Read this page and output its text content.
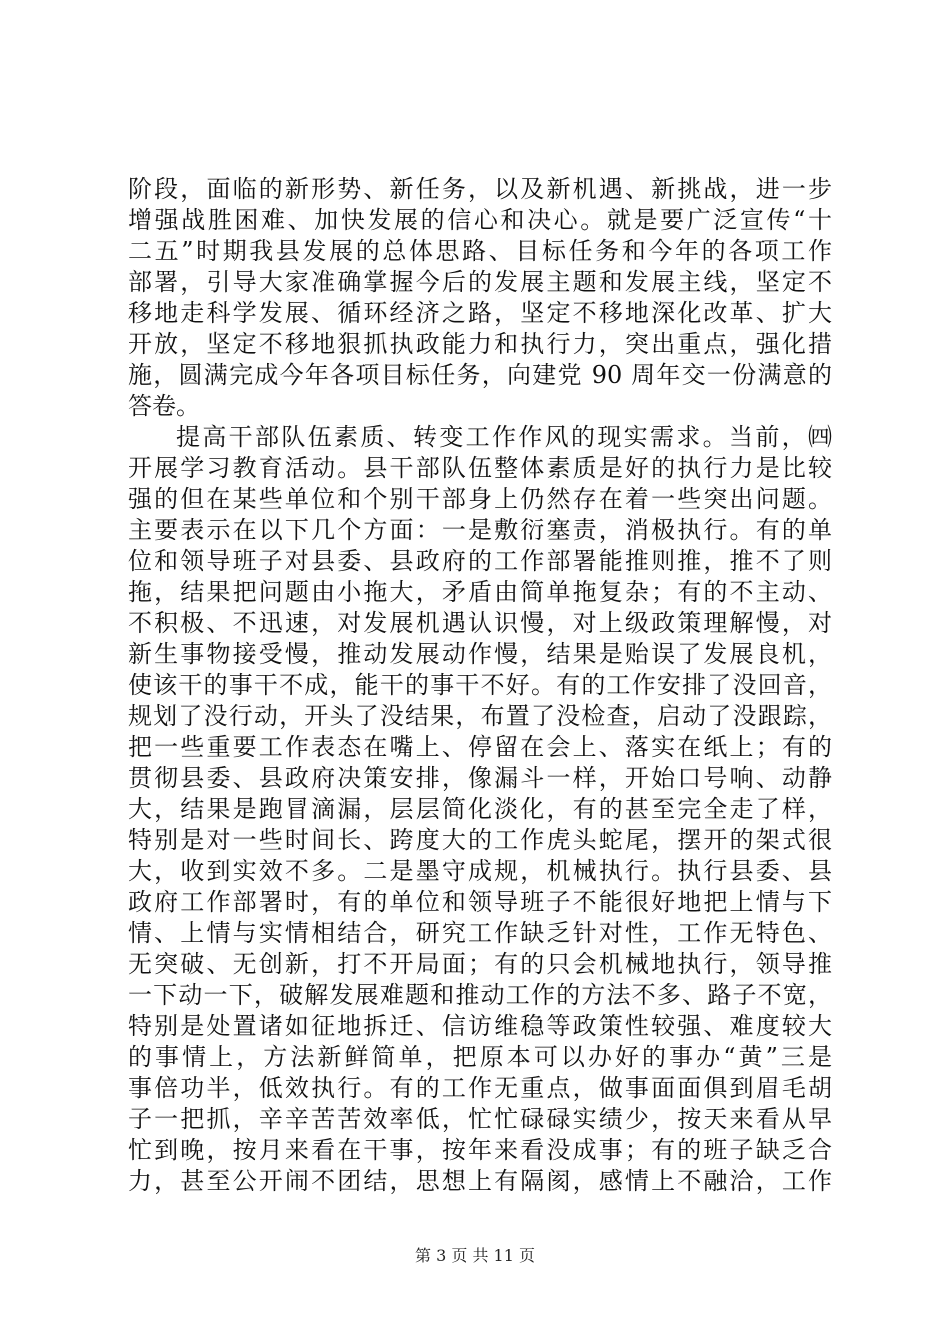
阶段，面临的新形势、新任务，以及新机遇、新挑战，进一步
增强战胜困难、加快发展的信心和决心。就是要广泛宣传“十
二五”时期我县发展的总体思路、目标任务和今年的各项工作
部署，引导大家准确掌握今后的发展主题和发展主线，坚定不
移地走科学发展、循环经济之路，坚定不移地深化改革、扩大
开放，坚定不移地狠抓执政能力和执行力，突出重点，强化措
施，圆满完成今年各项目标任务，向建党 90 周年交一份满意的
答卷。
提高干部队伍素质、转变工作作风的现实需求。当前，㈣
开展学习教育活动。县干部队伍整体素质是好的执行力是比较
强的但在某些单位和个别干部身上仍然存在着一些突出问题。
主要表示在以下几个方面：一是敷衍塞责，消极执行。有的单
位和领导班子对县委、县政府的工作部署能推则推，推不了则
拖，结果把问题由小拖大，矛盾由简单拖复杂；有的不主动、
不积极、不迅速，对发展机遇认识慢，对上级政策理解慢，对
新生事物接受慢，推动发展动作慢，结果是贻误了发展良机，
使该干的事干不成，能干的事干不好。有的工作安排了没回音，
规划了没行动，开头了没结果，布置了没检查，启动了没跟踪，
把一些重要工作表态在嘴上、停留在会上、落实在纸上；有的
贯彻县委、县政府决策安排，像漏斗一样，开始口号响、动静
大，结果是跑冒滴漏，层层简化淡化，有的甚至完全走了样，
特别是对一些时间长、跨度大的工作虎头蛇尾，摆开的架式很
大，收到实效不多。二是墨守成规，机械执行。执行县委、县
政府工作部署时，有的单位和领导班子不能很好地把上情与下
情、上情与实情相结合，研究工作缺乏针对性，工作无特色、
无突破、无创新，打不开局面；有的只会机械地执行，领导推
一下动一下，破解发展难题和推动工作的方法不多、路子不宽，
特别是处置诸如征地拆迁、信访维稳等政策性较强、难度较大
的事情上，方法新鲜简单，把原本可以办好的事办“黄”三是
事倍功半，低效执行。有的工作无重点，做事面面俱到眉毛胡
子一把抓，辛辛苦苦效率低，忙忙碌碌实绩少，按天来看从早
忙到晚，按月来看在干事，按年来看没成事；有的班子缺乏合
力，甚至公开闹不团结，思想上有隔阂，感情上不融洽，工作
第 3 页 共 11 页
